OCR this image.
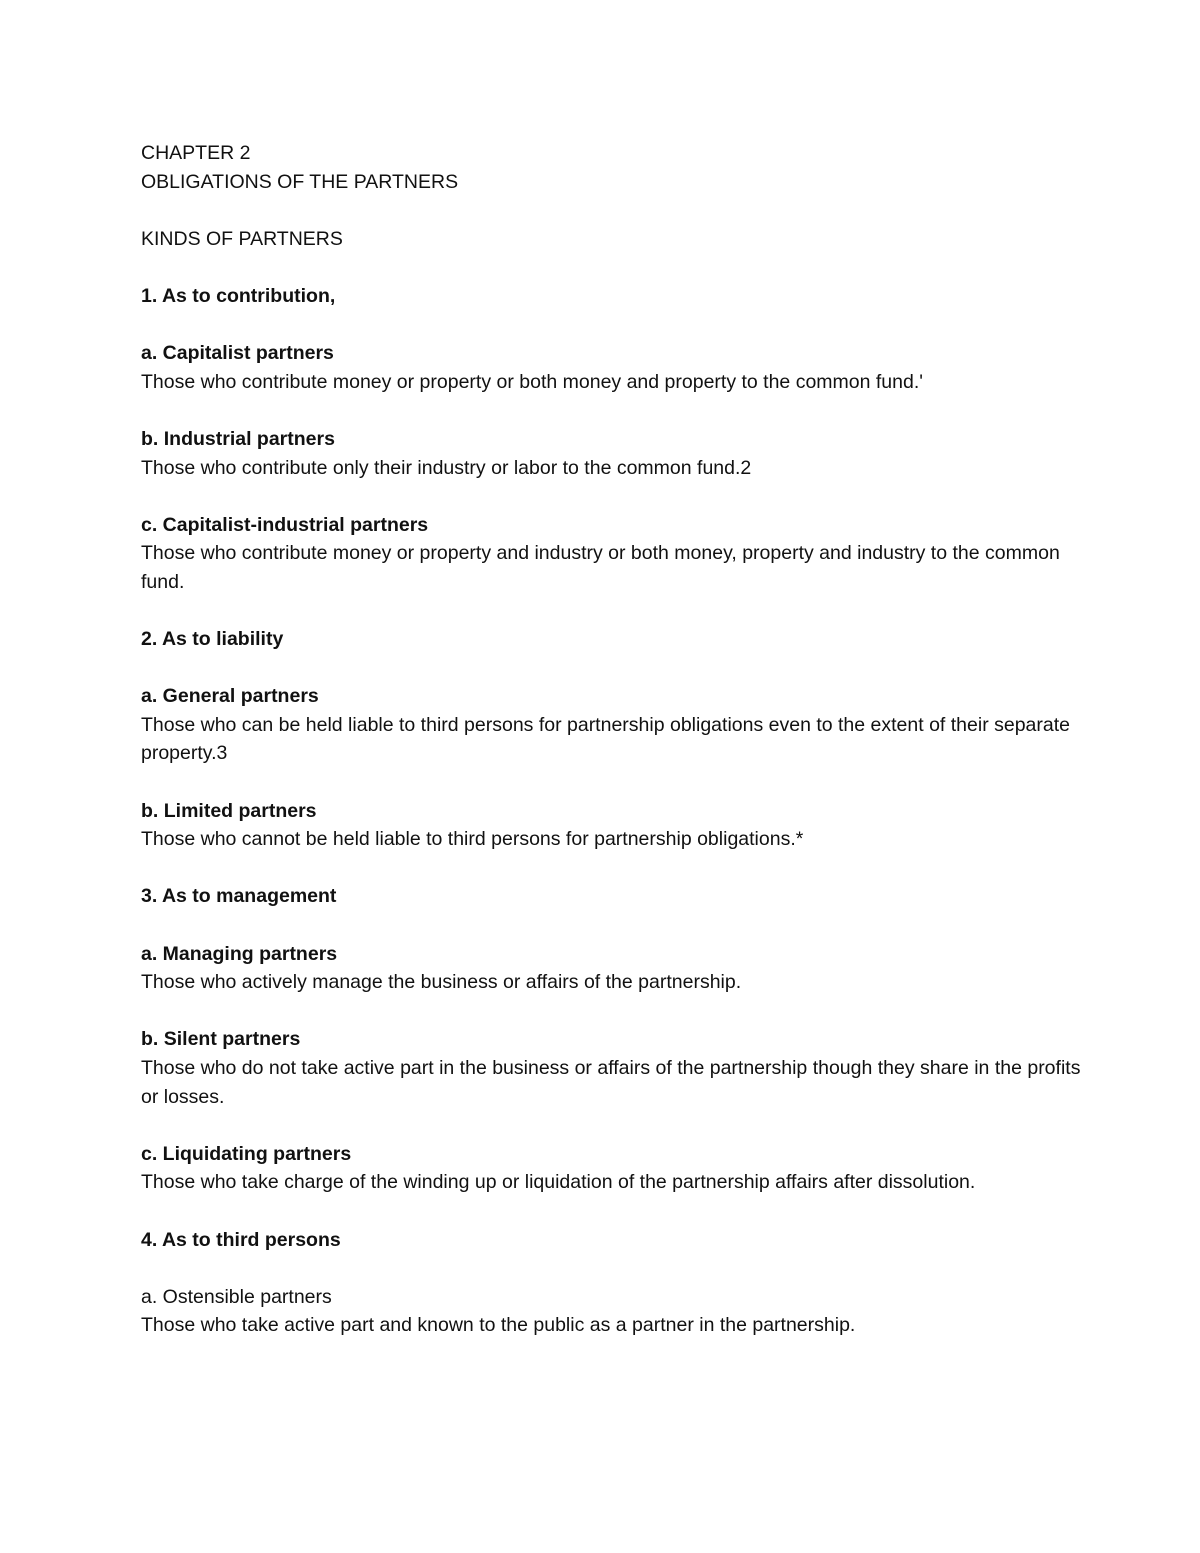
CHAPTER 2

OBLIGATIONS OF THE PARTNERS

KINDS OF PARTNERS

1. As to contribution,

a. Capitalist partners

Those who contribute money or property or both money and property to the common fund.'

b. Industrial partners

Those who contribute only their industry or labor to the common fund.2

c. Capitalist-industrial partners

Those who contribute money or property and industry or both money, property and industry to the common fund.

2. As to liability

a. General partners

Those who can be held liable to third persons for partnership obligations even to the extent of their separate property.3

b. Limited partners

Those who cannot be held liable to third persons for partnership obligations.*

3. As to management

a. Managing partners

Those who actively manage the business or affairs of the partnership.

b. Silent partners

Those who do not take active part in the business or affairs of the partnership though they share in the profits or losses.

c. Liquidating partners

Those who take charge of the winding up or liquidation of the partnership affairs after dissolution.

4. As to third persons

a. Ostensible partners

Those who take active part and known to the public as a partner in the partnership.
